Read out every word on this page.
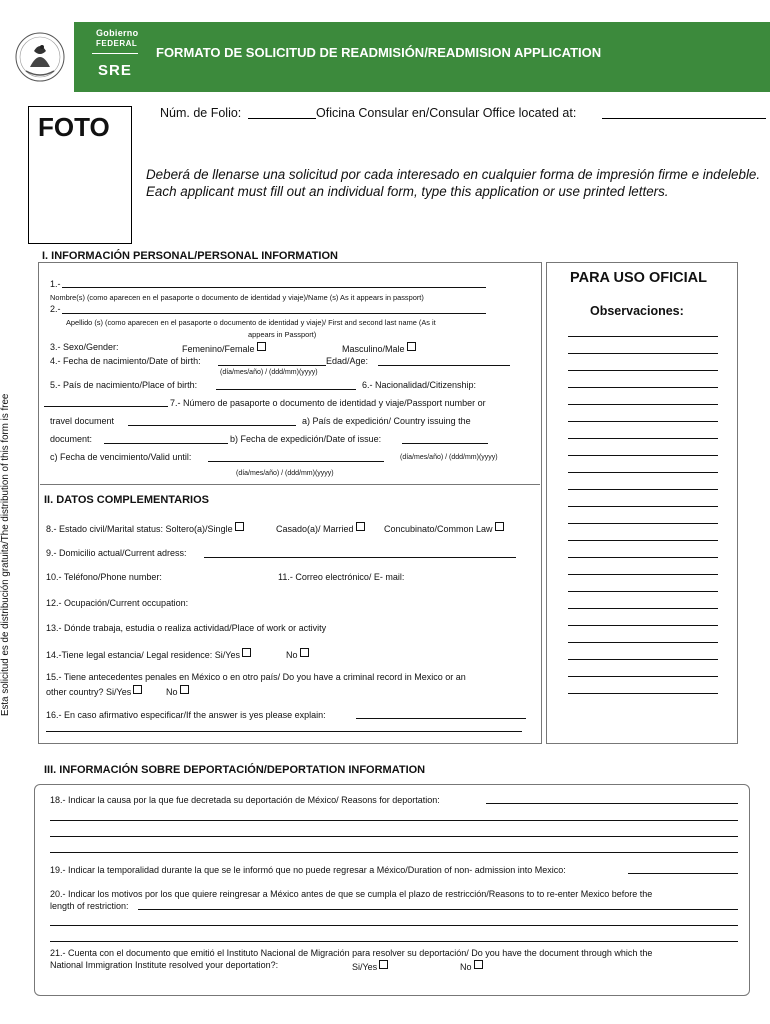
Gobierno
FEDERAL
SRE
FORMATO DE SOLICITUD DE READMISIÓN/READMISION APPLICATION
FOTO	Núm. de Folio:	Oficina Consular en/Consular Office located at:
Deberá de llenarse una solicitud por cada interesado en cualquier forma de impresión firme e indeleble. Each applicant must fill out an individual form, type this application or use printed letters.
Esta solicitud es de distribución gratuita/The distribution of this form is free
I. INFORMACIÓN PERSONAL/PERSONAL INFORMATION
1.-
Nombre(s) (como aparecen en el pasaporte o documento de identidad y viaje)/Name (s) As it appears in passport)
2.-
Apellido (s) (como aparecen en el pasaporte o documento de identidad y viaje)/ First and second last name (As it
appears in Passport)
3.- Sexo/Gender:	Femenino/Female	Masculino/Male
4.- Fecha de nacimiento/Date of birth:	Edad/Age:
(día/mes/año) / (ddd/mm)(yyyy)
5.- País de nacimiento/Place of birth:	6.- Nacionalidad/Citizenship:
7.- Número de pasaporte o documento de identidad y viaje/Passport number or
travel document	a) País de expedición/ Country issuing the
document:	b) Fecha de expedición/Date of issue:
c) Fecha de vencimiento/Valid until:	(día/mes/año) / (ddd/mm)(yyyy)
(día/mes/año) / (ddd/mm)(yyyy)
II. DATOS COMPLEMENTARIOS
8.- Estado civil/Marital status: Soltero(a)/Single	Casado(a)/ Married	Concubinato/Common Law
9.- Domicilio actual/Current adress:
10.- Teléfono/Phone number:	11.- Correo electrónico/ E- mail:
12.- Ocupación/Current occupation:
13.- Dónde trabaja, estudia o realiza actividad/Place of work or activity
14.-Tiene legal estancia/ Legal residence: Si/Yes	No
15.- Tiene antecedentes penales en México o en otro país/ Do you have a criminal record in Mexico or an
other country? Si/Yes	No
16.- En caso afirmativo especificar/If the answer is yes please explain:
PARA USO OFICIAL
Observaciones:
III. INFORMACIÓN SOBRE DEPORTACIÓN/DEPORTATION INFORMATION
18.- Indicar la causa por la que fue decretada su deportación de México/ Reasons for deportation:
19.- Indicar la temporalidad durante la que se le informó que no puede regresar a México/Duration of non- admission into Mexico:
20.- Indicar los motivos por los que quiere reingresar a México antes de que se cumpla el plazo de restricción/Reasons to to re-enter Mexico before the
length of restriction:
21.- Cuenta con el documento que emitió el Instituto Nacional de Migración para resolver su deportación/ Do you have the document through which the
National Immigration Institute resolved your deportation?:	Si/Yes	No
